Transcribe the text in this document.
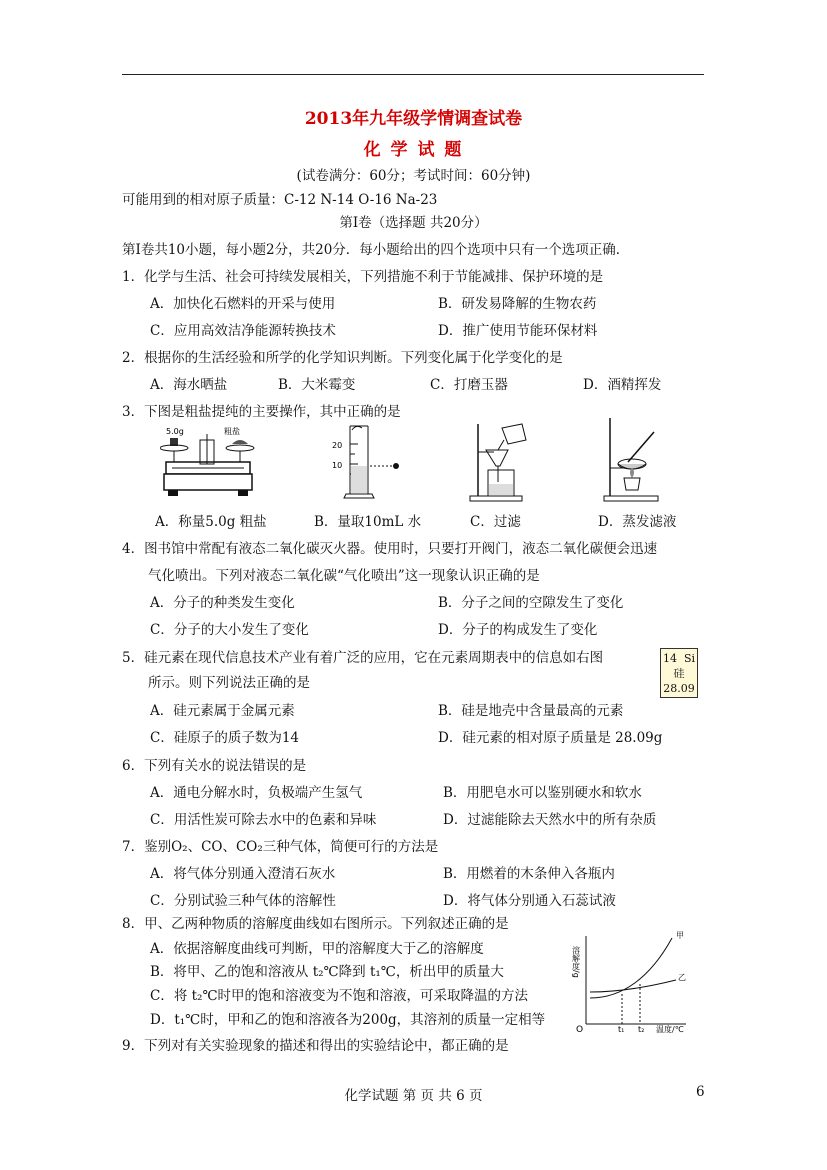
2013年九年级学情调查试卷
化 学 试 题
(试卷满分：60分；考试时间：60分钟)
可能用到的相对原子质量：C-12 N-14 O-16 Na-23
第Ⅰ卷（选择题 共20分）
第Ⅰ卷共10小题，每小题2分，共20分．每小题给出的四个选项中只有一个选项正确．
1．化学与生活、社会可持续发展相关，下列措施不利于节能减排、保护环境的是
A．加快化石燃料的开采与使用	B．研发易降解的生物农药
C．应用高效洁净能源转换技术	D．推广使用节能环保材料
2．根据你的生活经验和所学的化学知识判断。下列变化属于化学变化的是
A．海水晒盐	B．大米霉变	C．打磨玉器	D．酒精挥发
3．下图是粗盐提纯的主要操作，其中正确的是
5.0g	粗盐
20
10
A．称量5.0g 粗盐	B．量取10mL 水	C．过滤	D．蒸发滤液
4．图书馆中常配有液态二氧化碳灭火器。使用时，只要打开阀门，液态二氧化碳便会迅速
气化喷出。下列对液态二氧化碳“气化喷出”这一现象认识正确的是
A．分子的种类发生变化	B．分子之间的空隙发生了变化
C．分子的大小发生了变化	D．分子的构成发生了变化
5．硅元素在现代信息技术产业有着广泛的应用，它在元素周期表中的信息如右图
所示。则下列说法正确的是
14 Si
硅
28.09
A．硅元素属于金属元素	B．硅是地壳中含量最高的元素
C．硅原子的质子数为14	D．硅元素的相对原子质量是 28.09g
6．下列有关水的说法错误的是
A．通电分解水时，负极端产生氢气	B．用肥皂水可以鉴别硬水和软水
C．用活性炭可除去水中的色素和异味	D．过滤能除去天然水中的所有杂质
7．鉴别O₂、CO、CO₂三种气体，简便可行的方法是
A．将气体分别通入澄清石灰水	B．用燃着的木条伸入各瓶内
C．分别试验三种气体的溶解性	D．将气体分别通入石蕊试液
8．甲、乙两种物质的溶解度曲线如右图所示。下列叙述正确的是
A．依据溶解度曲线可判断，甲的溶解度大于乙的溶解度
B．将甲、乙的饱和溶液从 t₂℃降到 t₁℃，析出甲的质量大
C．将 t₂℃时甲的饱和溶液变为不饱和溶液，可采取降温的方法
D．t₁℃时，甲和乙的饱和溶液各为200g，其溶剂的质量一定相等
溶解度/g
O	温度/℃
t₁ t₂
甲
乙
9．下列对有关实验现象的描述和得出的实验结论中，都正确的是
化学试题 第 页 共 6 页	6
